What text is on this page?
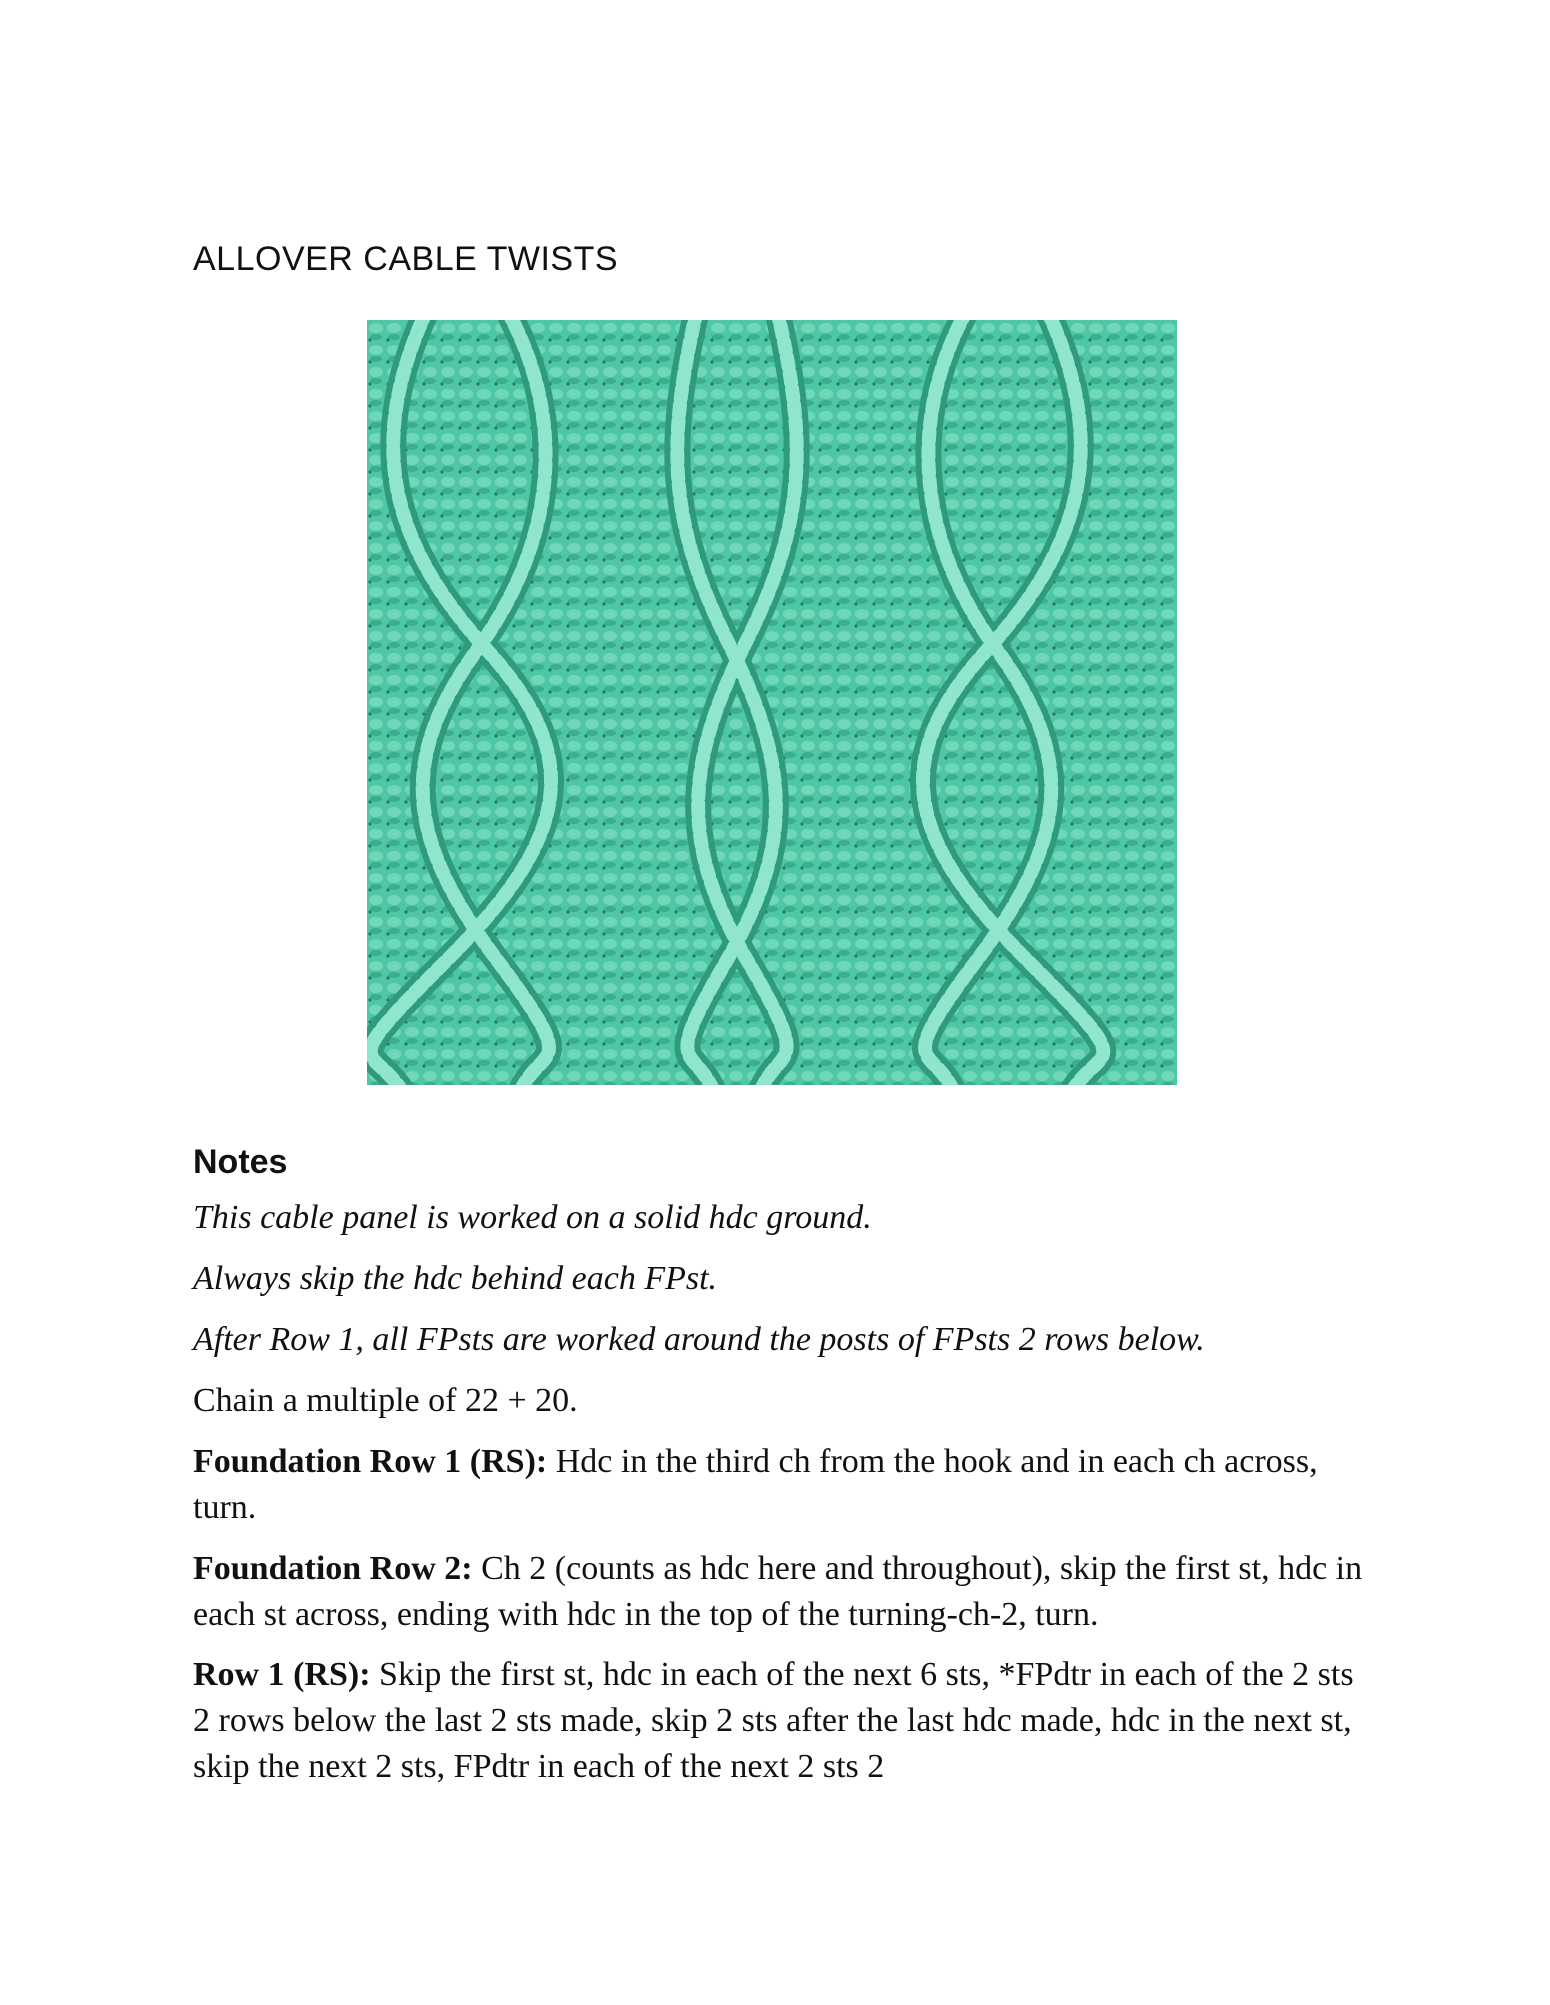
ALLOVER CABLE TWISTS
Notes

This cable panel is worked on a solid hdc ground.

Always skip the hdc behind each FPst.

After Row 1, all FPsts are worked around the posts of FPsts 2 rows below.

Chain a multiple of 22 + 20.

Foundation Row 1 (RS): Hdc in the third ch from the hook and in each ch across, turn.

Foundation Row 2: Ch 2 (counts as hdc here and throughout), skip the first st, hdc in each st across, ending with hdc in the top of the turning-ch-2, turn.

Row 1 (RS): Skip the first st, hdc in each of the next 6 sts, *FPdtr in each of the 2 sts 2 rows below the last 2 sts made, skip 2 sts after the last hdc made, hdc in the next st, skip the next 2 sts, FPdtr in each of the next 2 sts 2
